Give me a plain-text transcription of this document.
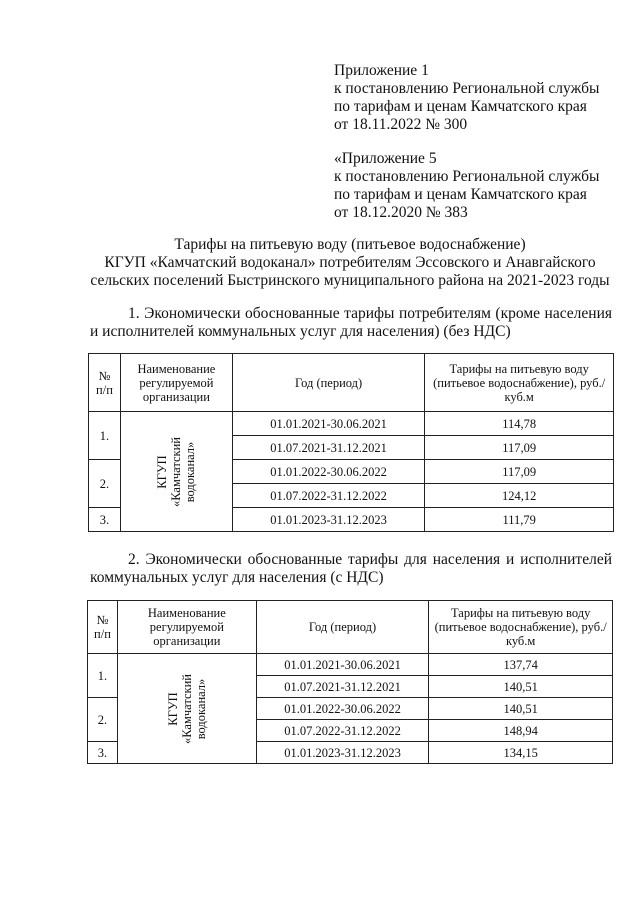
Приложение 1
к постановлению Региональной службы
по тарифам и ценам Камчатского края
от 18.11.2022 № 300
«Приложение 5
к постановлению Региональной службы
по тарифам и ценам Камчатского края
от 18.12.2020 № 383
Тарифы на питьевую воду (питьевое водоснабжение)
КГУП «Камчатский водоканал» потребителям Эссовского и Анавгайского
сельских поселений Быстринского муниципального района на 2021-2023 годы
1. Экономически обоснованные тарифы потребителям (кроме населения и исполнителей коммунальных услуг для населения) (без НДС)
№ п/п	Наименование регулируемой организации	Год (период)	Тарифы на питьевую воду (питьевое водоснабжение), руб./куб.м
1.	КГУП «Камчатский водоканал»	01.01.2021-30.06.2021	114,78
		01.07.2021-31.12.2021	117,09
2.		01.01.2022-30.06.2022	117,09
		01.07.2022-31.12.2022	124,12
3.		01.01.2023-31.12.2023	111,79
2. Экономически обоснованные тарифы для населения и исполнителей коммунальных услуг для населения (с НДС)
№ п/п	Наименование регулируемой организации	Год (период)	Тарифы на питьевую воду (питьевое водоснабжение), руб./куб.м
1.	КГУП «Камчатский водоканал»	01.01.2021-30.06.2021	137,74
		01.07.2021-31.12.2021	140,51
2.		01.01.2022-30.06.2022	140,51
		01.07.2022-31.12.2022	148,94
3.		01.01.2023-31.12.2023	134,15
